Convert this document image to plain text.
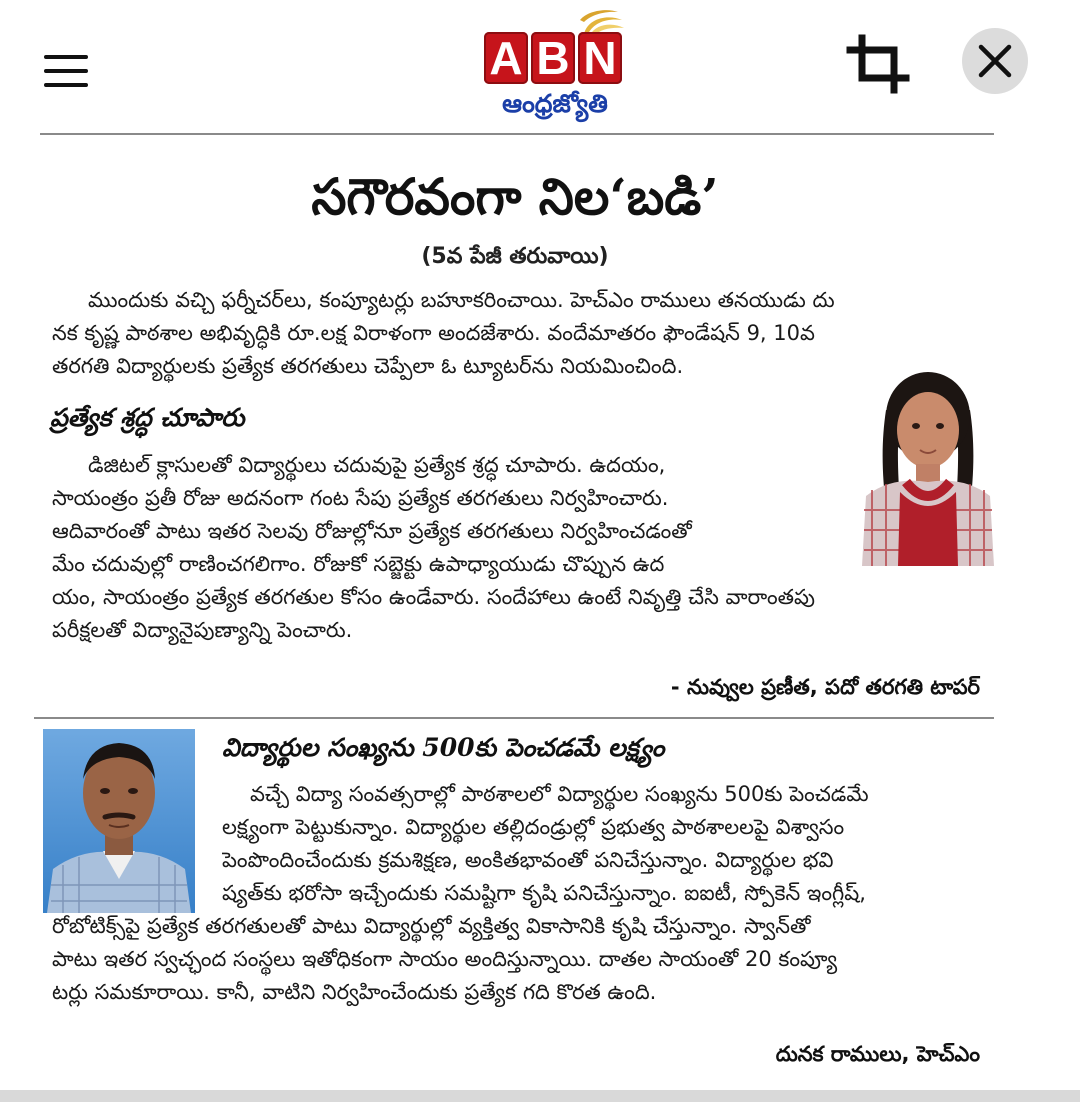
A B N
ఆంధ్రజ్యోతి
సగౌరవంగా నిల‘బడి’
(5వ పేజీ తరువాయి)
ముందుకు వచ్చి ఫర్నీచర్‌లు, కంప్యూటర్లు బహూకరించాయి. హెచ్‌ఎం రాములు తనయుడు దు
నక కృష్ణ పాఠశాల అభివృద్ధికి రూ.లక్ష విరాళంగా అందజేశారు. వందేమాతరం ఫౌండేషన్‌ 9, 10వ
తరగతి విద్యార్థులకు ప్రత్యేక తరగతులు చెప్పేలా ఓ ట్యూటర్‌ను నియమించింది.
ప్రత్యేక శ్రద్ధ చూపారు
డిజిటల్‌ క్లాసులతో విద్యార్థులు చదువుపై ప్రత్యేక శ్రద్ధ చూపారు. ఉదయం,
సాయంత్రం ప్రతీ రోజు అదనంగా గంట సేపు ప్రత్యేక తరగతులు నిర్వహించారు.
ఆదివారంతో పాటు ఇతర సెలవు రోజుల్లోనూ ప్రత్యేక తరగతులు నిర్వహించడంతో
మేం చదువుల్లో రాణించగలిగాం. రోజుకో సబ్జెక్టు ఉపాధ్యాయుడు చొప్పున ఉద
యం, సాయంత్రం ప్రత్యేక తరగతుల కోసం ఉండేవారు. సందేహాలు ఉంటే నివృత్తి చేసి వారాంతపు
పరీక్షలతో విద్యానైపుణ్యాన్ని పెంచారు.
- నువ్వుల ప్రణీత, పదో తరగతి టాపర్‌
విద్యార్థుల సంఖ్యను 500కు పెంచడమే లక్ష్యం
వచ్చే విద్యా సంవత్సరాల్లో పాఠశాలలో విద్యార్థుల సంఖ్యను 500కు పెంచడమే
లక్ష్యంగా పెట్టుకున్నాం. విద్యార్థుల తల్లిదండ్రుల్లో ప్రభుత్వ పాఠశాలలపై విశ్వాసం
పెంపొందించేందుకు క్రమశిక్షణ, అంకితభావంతో పనిచేస్తున్నాం. విద్యార్థుల భవి
ష్యత్‌కు భరోసా ఇచ్చేందుకు సమష్టిగా కృషి పనిచేస్తున్నాం. ఐఐటీ, స్పోకెన్‌ ఇంగ్లీష్‌,
రోబోటిక్స్‌పై ప్రత్యేక తరగతులతో పాటు విద్యార్థుల్లో వ్యక్తిత్వ వికాసానికి కృషి చేస్తున్నాం. స్వాన్‌తో
పాటు ఇతర స్వచ్ఛంద సంస్థలు ఇతోధికంగా సాయం అందిస్తున్నాయి. దాతల సాయంతో 20 కంప్యూ
టర్లు సమకూరాయి. కానీ, వాటిని నిర్వహించేందుకు ప్రత్యేక గది కొరత ఉంది.
దునక రాములు, హెచ్‌ఎం
